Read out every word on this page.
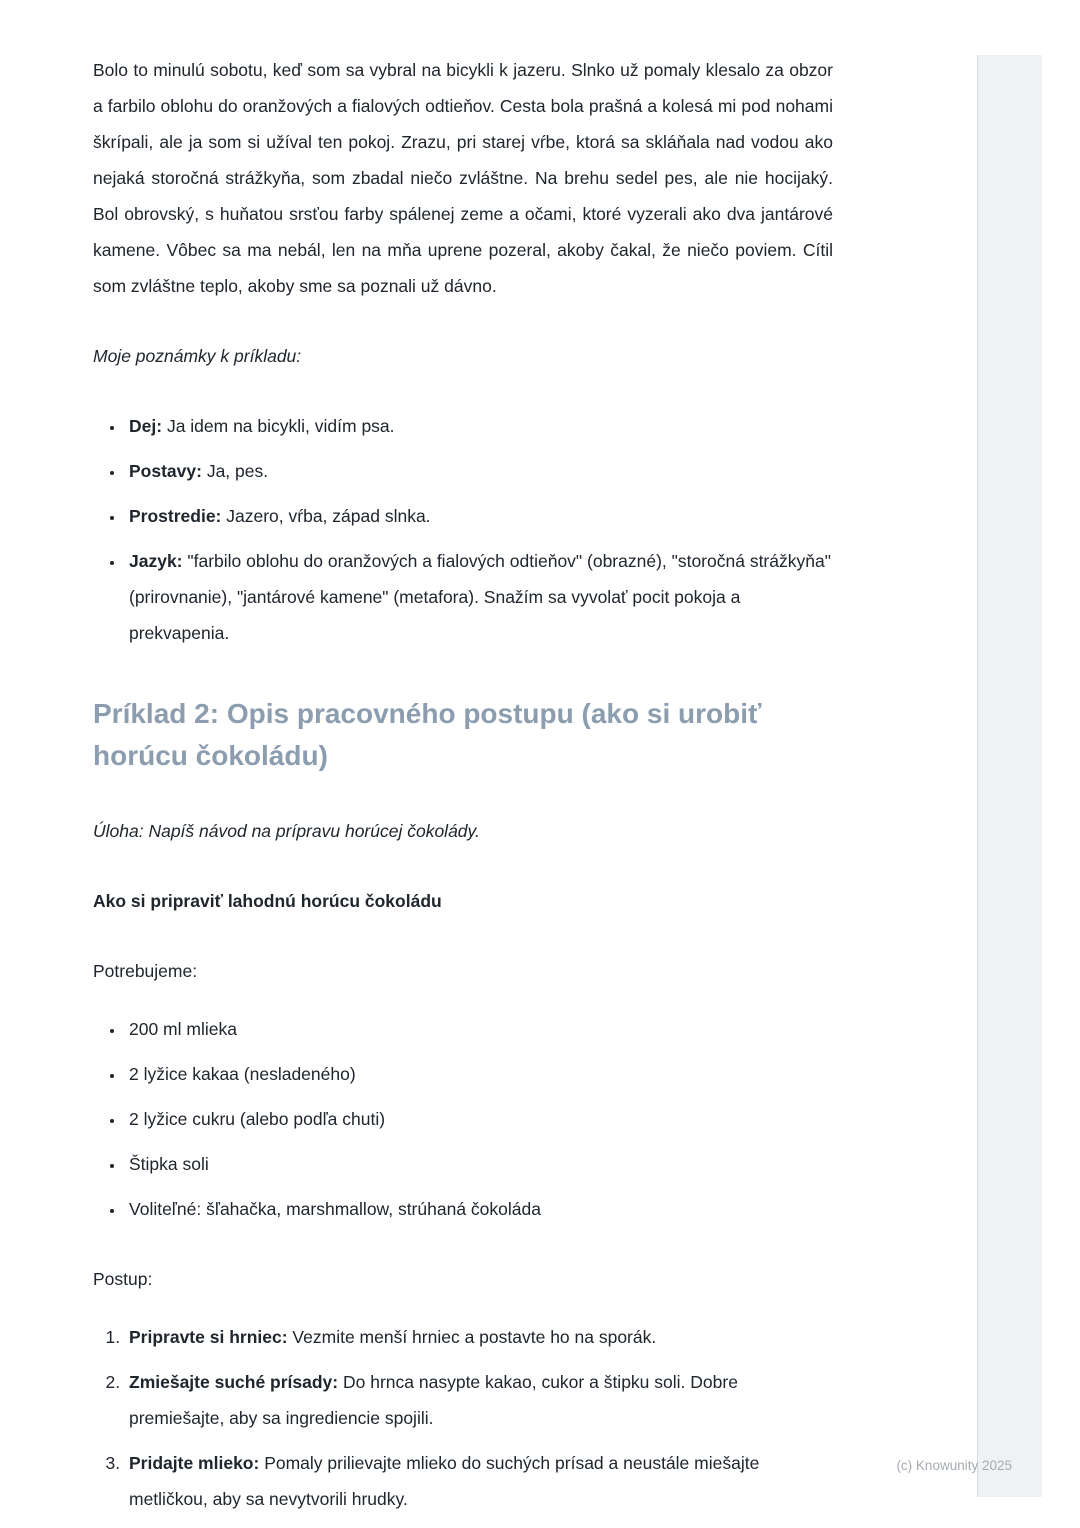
Bolo to minulú sobotu, keď som sa vybral na bicykli k jazeru. Slnko už pomaly klesalo za obzor a farbilo oblohu do oranžových a fialových odtieňov. Cesta bola prašná a kolesá mi pod nohami škrípali, ale ja som si užíval ten pokoj. Zrazu, pri starej vŕbe, ktorá sa skláňala nad vodou ako nejaká storočná strážkyňa, som zbadal niečo zvláštne. Na brehu sedel pes, ale nie hocijaký. Bol obrovský, s huňatou srsťou farby spálenej zeme a očami, ktoré vyzerali ako dva jantárové kamene. Vôbec sa ma nebál, len na mňa uprene pozeral, akoby čakal, že niečo poviem. Cítil som zvláštne teplo, akoby sme sa poznali už dávno.

Moje poznámky k príkladu:

• Dej: Ja idem na bicykli, vidím psa.
• Postavy: Ja, pes.
• Prostredie: Jazero, vŕba, západ slnka.
• Jazyk: "farbilo oblohu do oranžových a fialových odtieňov" (obrazné), "storočná strážkyňa" (prirovnanie), "jantárové kamene" (metafora). Snažím sa vyvolať pocit pokoja a prekvapenia.
Príklad 2: Opis pracovného postupu (ako si urobiť horúcu čokoládu)

Úloha: Napíš návod na prípravu horúcej čokolády.

Ako si pripraviť lahodnú horúcu čokoládu

Potrebujeme:

• 200 ml mlieka
• 2 lyžice kakaa (nesladeného)
• 2 lyžice cukru (alebo podľa chuti)
• Štipka soli
• Voliteľné: šľahačka, marshmallow, strúhaná čokoláda

Postup:

1. Pripravte si hrniec: Vezmite menší hrniec a postavte ho na sporák.
2. Zmiešajte suché prísady: Do hrnca nasypte kakao, cukor a štipku soli. Dobre premiešajte, aby sa ingrediencie spojili.
3. Pridajte mlieko: Pomaly prilievajte mlieko do suchých prísad a neustále miešajte metličkou, aby sa nevytvorili hrudky.
(c) Knowunity 2025
